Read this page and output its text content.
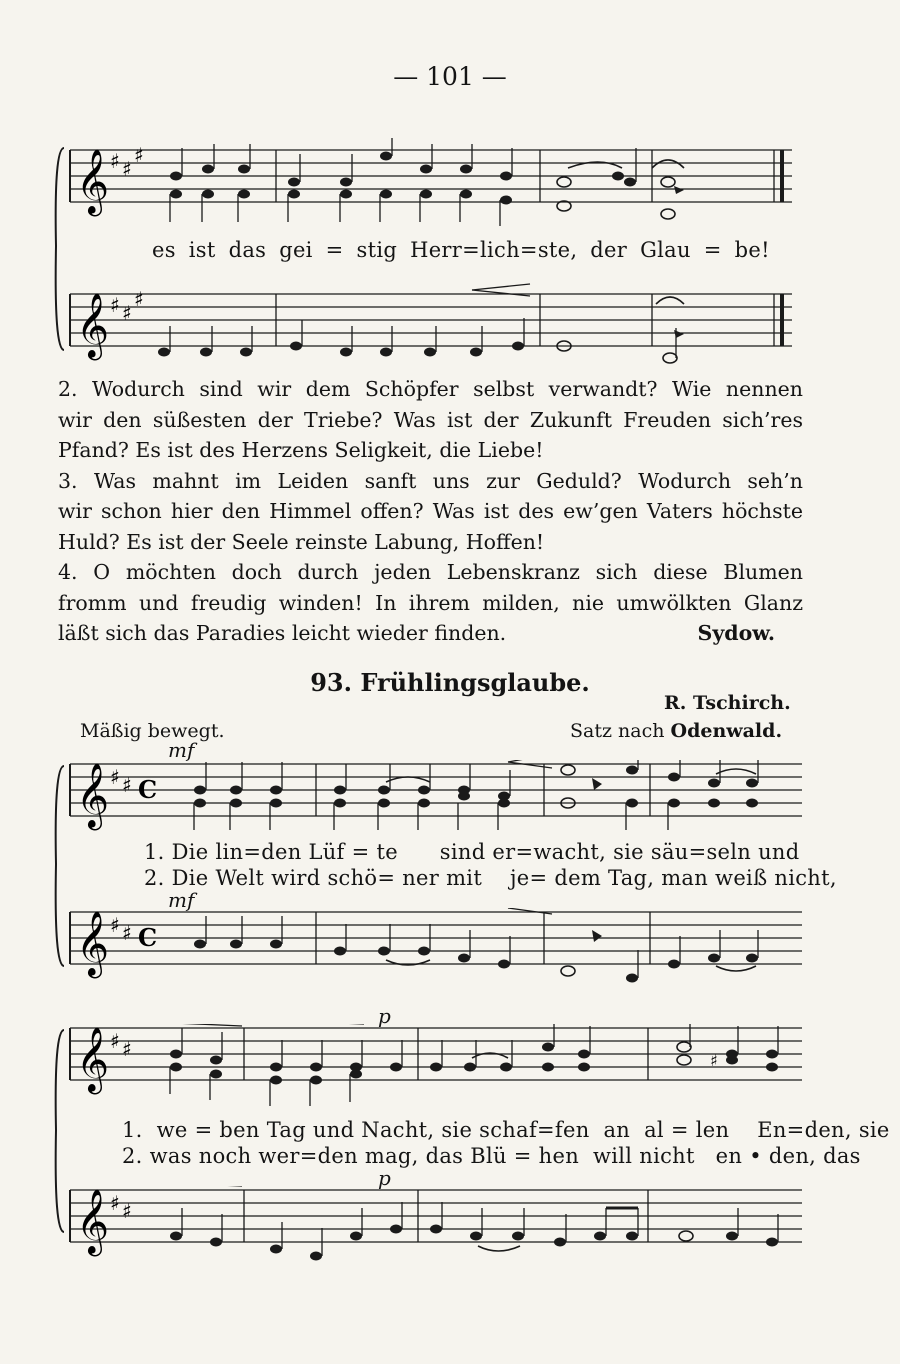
— 101 —
𝄞 ♯ ♯
♯
es ist das gei = stig Herr=lich=ste, der Glau = be!
𝄞 ♯ ♯
♯

2. Wodurch sind wir dem Schöpfer selbst verwandt? Wie nennen

wir den süßesten der Triebe? Was ist der Zukunft Freuden sich’res

Pfand? Es ist des Herzens Seligkeit, die Liebe!

3. Was mahnt im Leiden sanft uns zur Geduld? Wodurch seh’n

wir schon hier den Himmel offen? Was ist des ew’gen Vaters höchste

Huld? Es ist der Seele reinste Labung, Hoffen!

4. O möchten doch durch jeden Lebenskranz sich diese Blumen

fromm und freudig winden! In ihrem milden, nie umwölkten Glanz

läßt sich das Paradies leicht wieder finden.	Sydow.
93. Frühlingsglaube.
R. Tschirch.
Mäßig bewegt.	Satz nach Odenwald.
mf
𝄞 ♯ ♯ C
1. Die lin=den Lüf = te      sind er=wacht, sie säu=seln und
2. Die Welt wird schö= ner mit    je= dem Tag, man weiß nicht,
mf
𝄞 ♯ ♯ C
p
𝄞 ♯ ♯	♯
1.  we = ben Tag und Nacht, sie schaf=fen  an  al = len    En=den, sie
2. was noch wer=den mag, das Blü = hen  will nicht   en • den, das
p
𝄞 ♯ ♯
